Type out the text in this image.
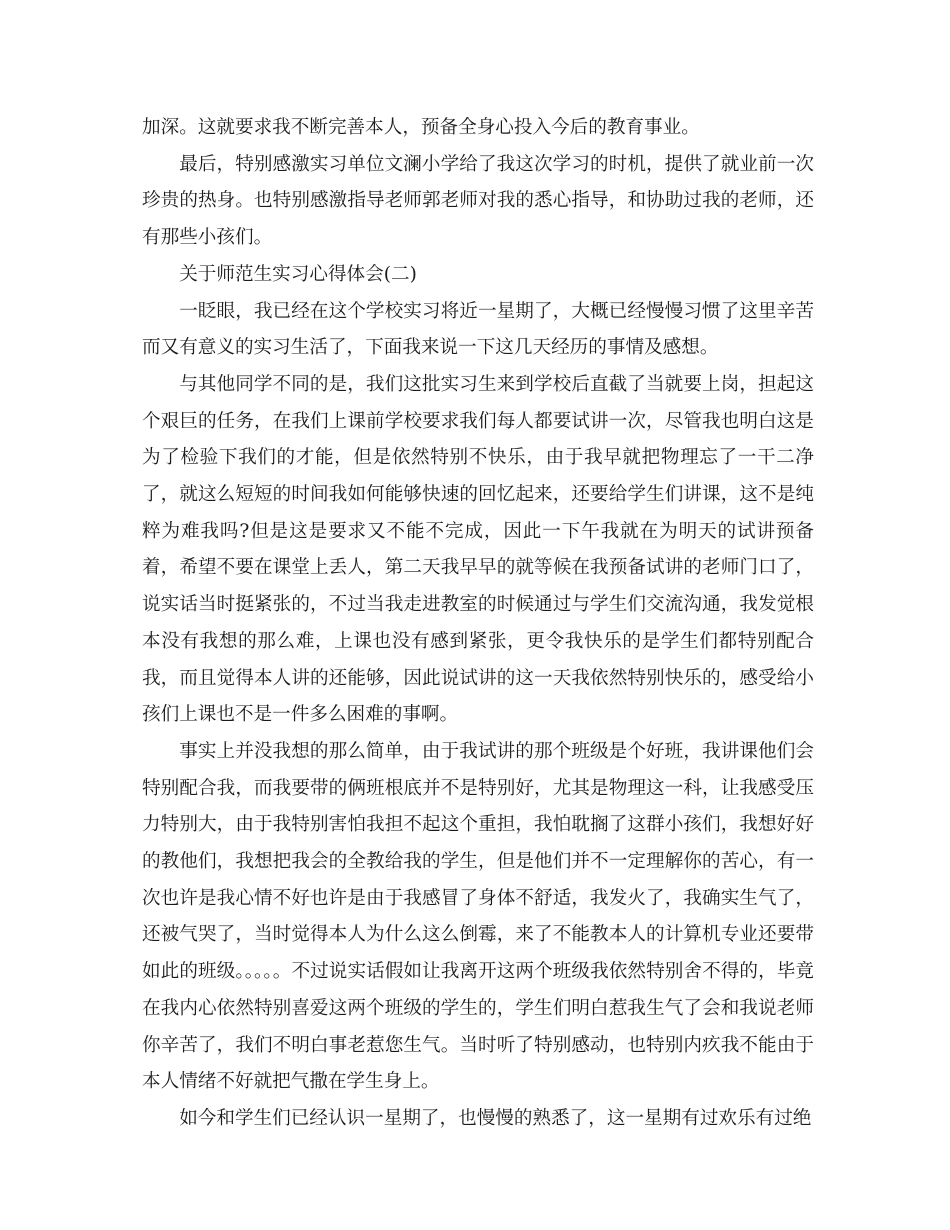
加深。这就要求我不断完善本人，预备全身心投入今后的教育事业。

最后，特别感激实习单位文澜小学给了我这次学习的时机，提供了就业前一次珍贵的热身。也特别感激指导老师郭老师对我的悉心指导，和协助过我的老师，还有那些小孩们。

关于师范生实习心得体会(二)

一眨眼，我已经在这个学校实习将近一星期了，大概已经慢慢习惯了这里辛苦而又有意义的实习生活了，下面我来说一下这几天经历的事情及感想。

与其他同学不同的是，我们这批实习生来到学校后直截了当就要上岗，担起这个艰巨的任务，在我们上课前学校要求我们每人都要试讲一次，尽管我也明白这是为了检验下我们的才能，但是依然特别不快乐，由于我早就把物理忘了一干二净了，就这么短短的时间我如何能够快速的回忆起来，还要给学生们讲课，这不是纯粹为难我吗?但是这是要求又不能不完成，因此一下午我就在为明天的试讲预备着，希望不要在课堂上丢人，第二天我早早的就等候在我预备试讲的老师门口了，说实话当时挺紧张的，不过当我走进教室的时候通过与学生们交流沟通，我发觉根本没有我想的那么难，上课也没有感到紧张，更令我快乐的是学生们都特别配合我，而且觉得本人讲的还能够，因此说试讲的这一天我依然特别快乐的，感受给小孩们上课也不是一件多么困难的事啊。

事实上并没我想的那么简单，由于我试讲的那个班级是个好班，我讲课他们会特别配合我，而我要带的俩班根底并不是特别好，尤其是物理这一科，让我感受压力特别大，由于我特别害怕我担不起这个重担，我怕耽搁了这群小孩们，我想好好的教他们，我想把我会的全教给我的学生，但是他们并不一定理解你的苦心，有一次也许是我心情不好也许是由于我感冒了身体不舒适，我发火了，我确实生气了，还被气哭了，当时觉得本人为什么这么倒霉，来了不能教本人的计算机专业还要带如此的班级。。。。。不过说实话假如让我离开这两个班级我依然特别舍不得的，毕竟在我内心依然特别喜爱这两个班级的学生的，学生们明白惹我生气了会和我说老师你辛苦了，我们不明白事老惹您生气。当时听了特别感动，也特别内疚我不能由于本人情绪不好就把气撒在学生身上。

如今和学生们已经认识一星期了，也慢慢的熟悉了，这一星期有过欢乐有过绝
